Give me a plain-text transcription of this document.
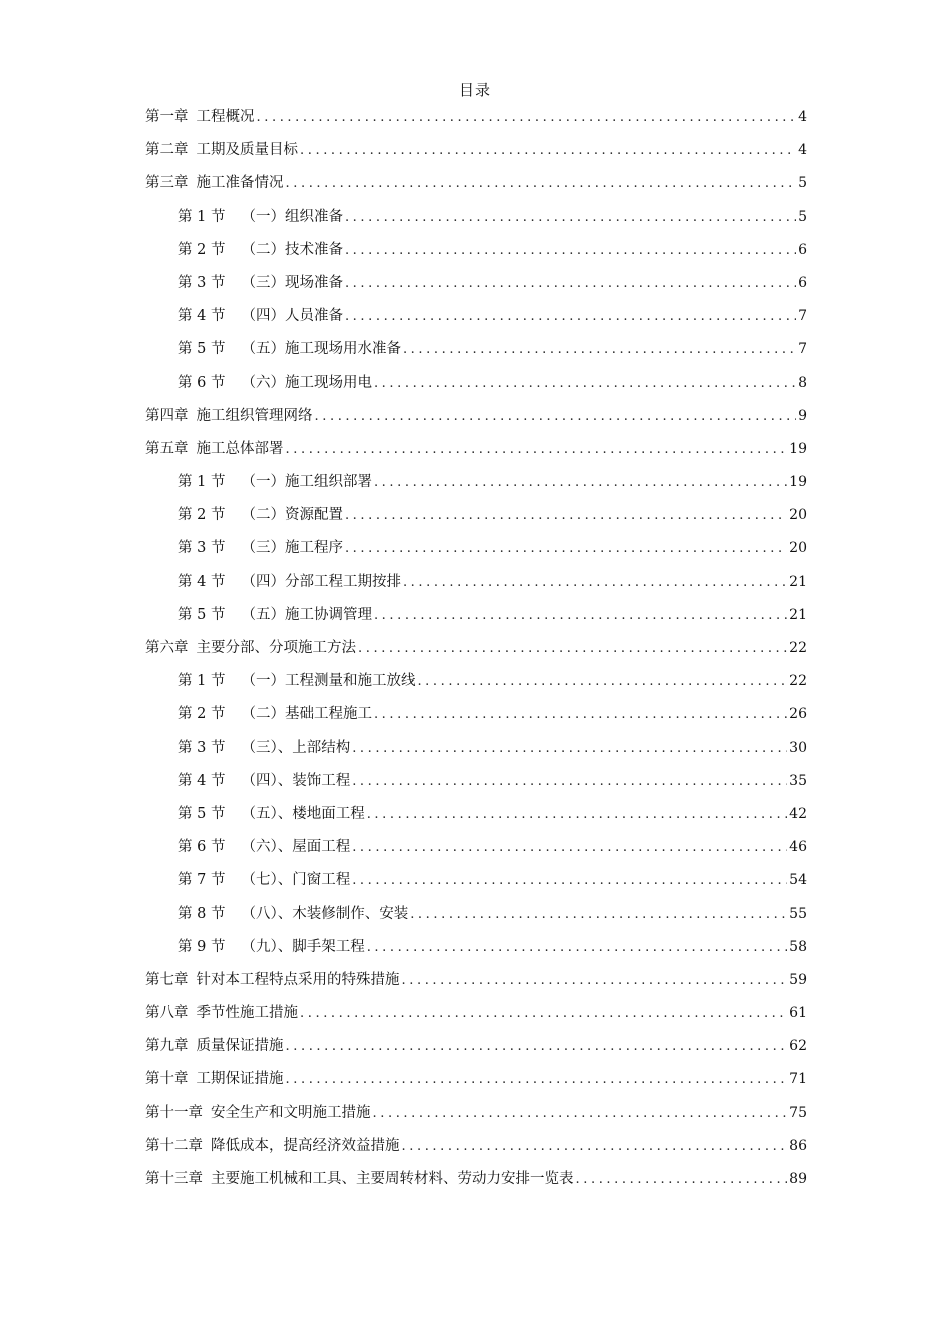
目录
第一章 工程概况 .....	4
第二章 工期及质量目标 .....	4
第三章 施工准备情况 .....	5
第 1 节 （一）组织准备 .....	5
第 2 节 （二）技术准备 .....	6
第 3 节 （三）现场准备 .....	6
第 4 节 （四）人员准备 .....	7
第 5 节 （五）施工现场用水准备 .....	7
第 6 节 （六）施工现场用电 .....	8
第四章 施工组织管理网络 .....	9
第五章 施工总体部署 .....	19
第 1 节 （一）施工组织部署 .....	19
第 2 节 （二）资源配置 .....	20
第 3 节 （三）施工程序 .....	20
第 4 节 （四）分部工程工期按排 .....	21
第 5 节 （五）施工协调管理 .....	21
第六章 主要分部、分项施工方法 .....	22
第 1 节 （一）工程测量和施工放线 .....	22
第 2 节 （二）基础工程施工 .....	26
第 3 节 （三）、上部结构 .....	30
第 4 节 （四）、装饰工程 .....	35
第 5 节 （五）、楼地面工程 .....	42
第 6 节 （六）、屋面工程 .....	46
第 7 节 （七）、门窗工程 .....	54
第 8 节 （八）、木装修制作、安装 .....	55
第 9 节 （九）、脚手架工程 .....	58
第七章 针对本工程特点采用的特殊措施 .....	59
第八章 季节性施工措施 .....	61
第九章 质量保证措施 .....	62
第十章 工期保证措施 .....	71
第十一章 安全生产和文明施工措施 .....	75
第十二章 降低成本，提高经济效益措施 .....	86
第十三章 主要施工机械和工具、主要周转材料、劳动力安排一览表 .....	89
